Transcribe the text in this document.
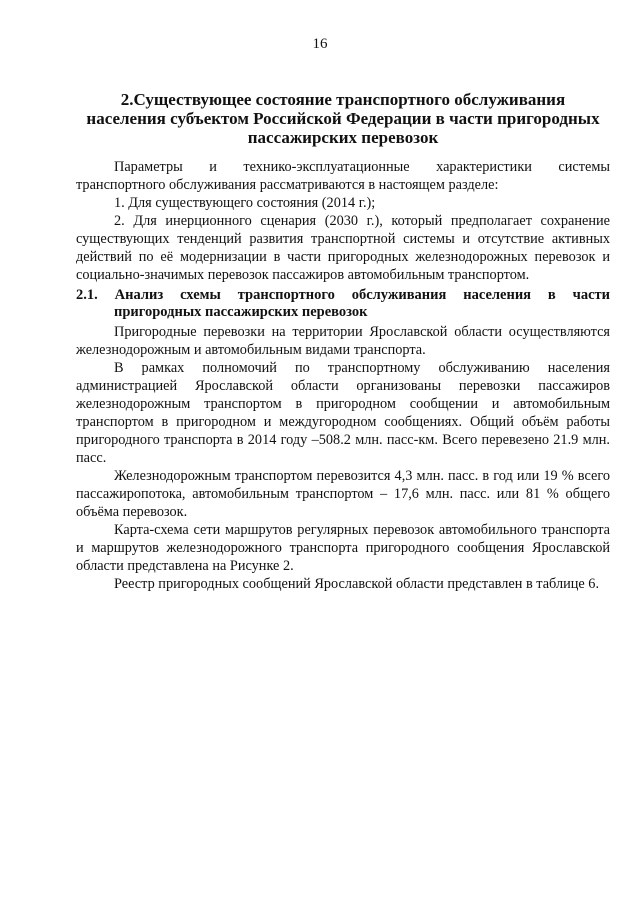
16
2.Существующее состояние транспортного обслуживания
населения субъектом Российской Федерации в части пригородных
пассажирских перевозок

Параметры и технико-эксплуатационные характеристики системы транспортного обслуживания рассматриваются в настоящем разделе:

1. Для существующего состояния (2014 г.);

2. Для инерционного сценария (2030 г.), который предполагает сохранение существующих тенденций развития транспортной системы и отсутствие активных действий по её модернизации в части пригородных железнодорожных перевозок и социально-значимых перевозок пассажиров автомобильным транспортом.

2.1. Анализ схемы транспортного обслуживания населения в части
пригородных пассажирских перевозок

Пригородные перевозки на территории Ярославской области осуществляются железнодорожным и автомобильным видами транспорта.

В рамках полномочий по транспортному обслуживанию населения администрацией Ярославской области организованы перевозки пассажиров железнодорожным транспортом в пригородном сообщении и автомобильным транспортом в пригородном и междугородном сообщениях. Общий объём работы пригородного транспорта в 2014 году –508.2 млн. пасс-км. Всего перевезено 21.9 млн. пасс.

Железнодорожным транспортом перевозится 4,3 млн. пасс. в год или 19 % всего пассажиропотока, автомобильным транспортом – 17,6 млн. пасс. или 81 % общего объёма перевозок.

Карта-схема сети маршрутов регулярных перевозок автомобильного транспорта и маршрутов железнодорожного транспорта пригородного сообщения Ярославской области представлена на Рисунке 2.

Реестр пригородных сообщений Ярославской области представлен в таблице 6.
